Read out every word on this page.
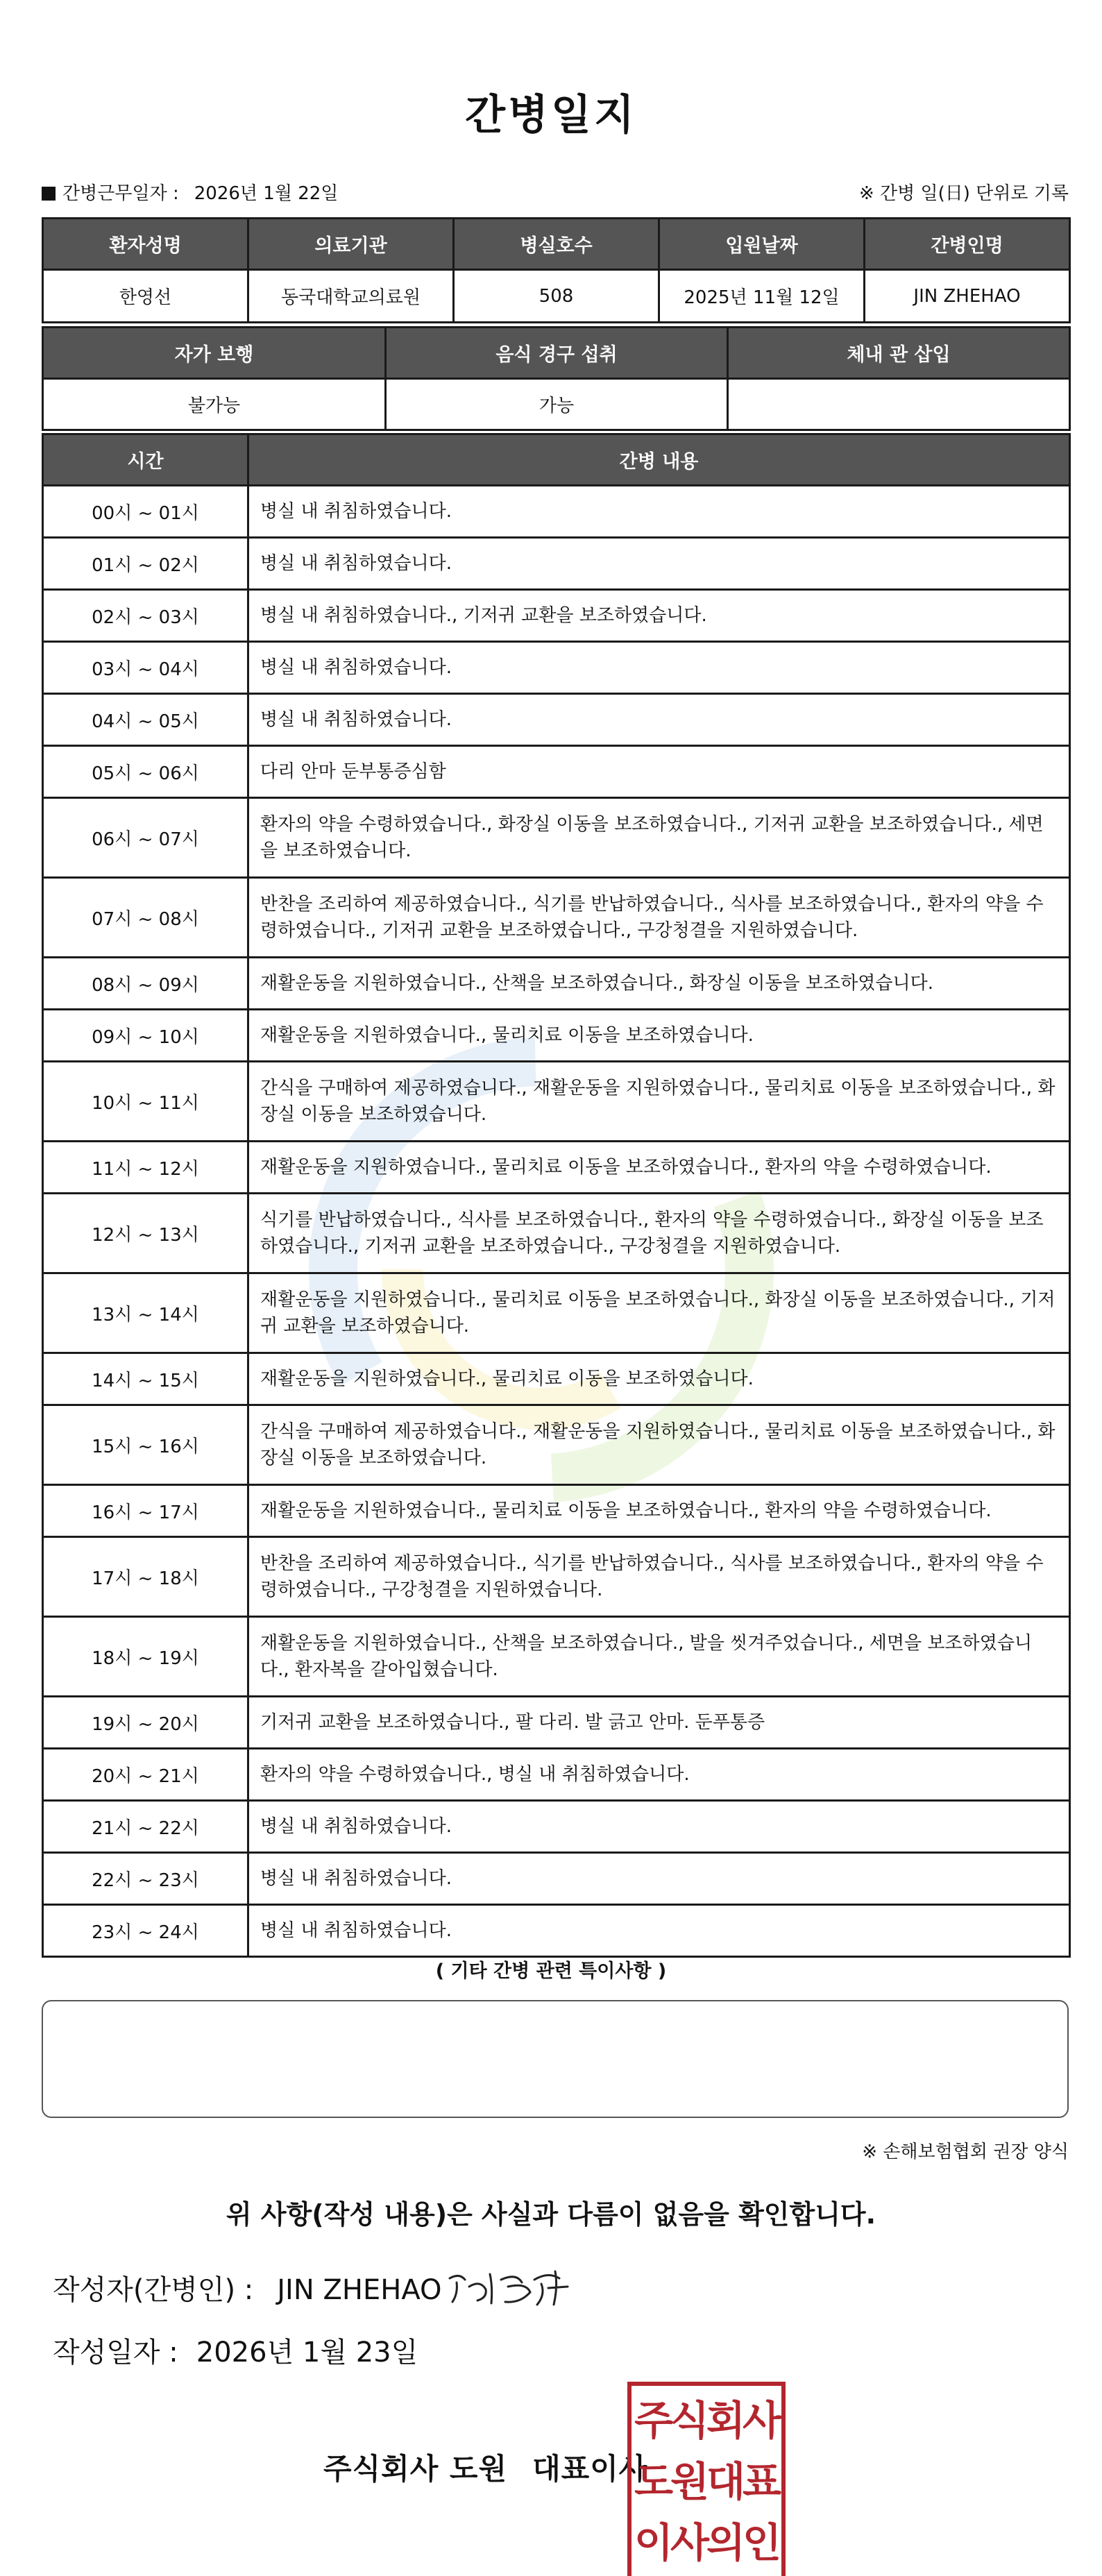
간병일지
간병근무일자 : 2026년 1월 22일	※ 간병 일(日) 단위로 기록
환자성명	의료기관	병실호수	입원날짜	간병인명
한영선	동국대학교의료원	508	2025년 11월 12일	JIN ZHEHAO
자가 보행	음식 경구 섭취	체내 관 삽입
불가능	가능	
시간	간병 내용
00시 ~ 01시	병실 내 취침하였습니다.
01시 ~ 02시	병실 내 취침하였습니다.
02시 ~ 03시	병실 내 취침하였습니다., 기저귀 교환을 보조하였습니다.
03시 ~ 04시	병실 내 취침하였습니다.
04시 ~ 05시	병실 내 취침하였습니다.
05시 ~ 06시	다리 안마 둔부통증심함
06시 ~ 07시	환자의 약을 수령하였습니다., 화장실 이동을 보조하였습니다., 기저귀 교환을 보조하였습니다., 세면을 보조하였습니다.
07시 ~ 08시	반찬을 조리하여 제공하였습니다., 식기를 반납하였습니다., 식사를 보조하였습니다., 환자의 약을 수령하였습니다., 기저귀 교환을 보조하였습니다., 구강청결을 지원하였습니다.
08시 ~ 09시	재활운동을 지원하였습니다., 산책을 보조하였습니다., 화장실 이동을 보조하였습니다.
09시 ~ 10시	재활운동을 지원하였습니다., 물리치료 이동을 보조하였습니다.
10시 ~ 11시	간식을 구매하여 제공하였습니다., 재활운동을 지원하였습니다., 물리치료 이동을 보조하였습니다., 화장실 이동을 보조하였습니다.
11시 ~ 12시	재활운동을 지원하였습니다., 물리치료 이동을 보조하였습니다., 환자의 약을 수령하였습니다.
12시 ~ 13시	식기를 반납하였습니다., 식사를 보조하였습니다., 환자의 약을 수령하였습니다., 화장실 이동을 보조하였습니다., 기저귀 교환을 보조하였습니다., 구강청결을 지원하였습니다.
13시 ~ 14시	재활운동을 지원하였습니다., 물리치료 이동을 보조하였습니다., 화장실 이동을 보조하였습니다., 기저귀 교환을 보조하였습니다.
14시 ~ 15시	재활운동을 지원하였습니다., 물리치료 이동을 보조하였습니다.
15시 ~ 16시	간식을 구매하여 제공하였습니다., 재활운동을 지원하였습니다., 물리치료 이동을 보조하였습니다., 화장실 이동을 보조하였습니다.
16시 ~ 17시	재활운동을 지원하였습니다., 물리치료 이동을 보조하였습니다., 환자의 약을 수령하였습니다.
17시 ~ 18시	반찬을 조리하여 제공하였습니다., 식기를 반납하였습니다., 식사를 보조하였습니다., 환자의 약을 수령하였습니다., 구강청결을 지원하였습니다.
18시 ~ 19시	재활운동을 지원하였습니다., 산책을 보조하였습니다., 발을 씻겨주었습니다., 세면을 보조하였습니다., 환자복을 갈아입혔습니다.
19시 ~ 20시	기저귀 교환을 보조하였습니다., 팔 다리. 발 긁고 안마. 둔푸통증
20시 ~ 21시	환자의 약을 수령하였습니다., 병실 내 취침하였습니다.
21시 ~ 22시	병실 내 취침하였습니다.
22시 ~ 23시	병실 내 취침하였습니다.
23시 ~ 24시	병실 내 취침하였습니다.
( 기타 간병 관련 특이사항 )
※ 손해보험협회 권장 양식
위 사항(작성 내용)은 사실과 다름이 없음을 확인합니다.
작성자(간병인) : JIN ZHEHAO
작성일자 : 2026년 1월 23일
주식회사 도원 대표이사
주식회사
도원대표
이사의인
